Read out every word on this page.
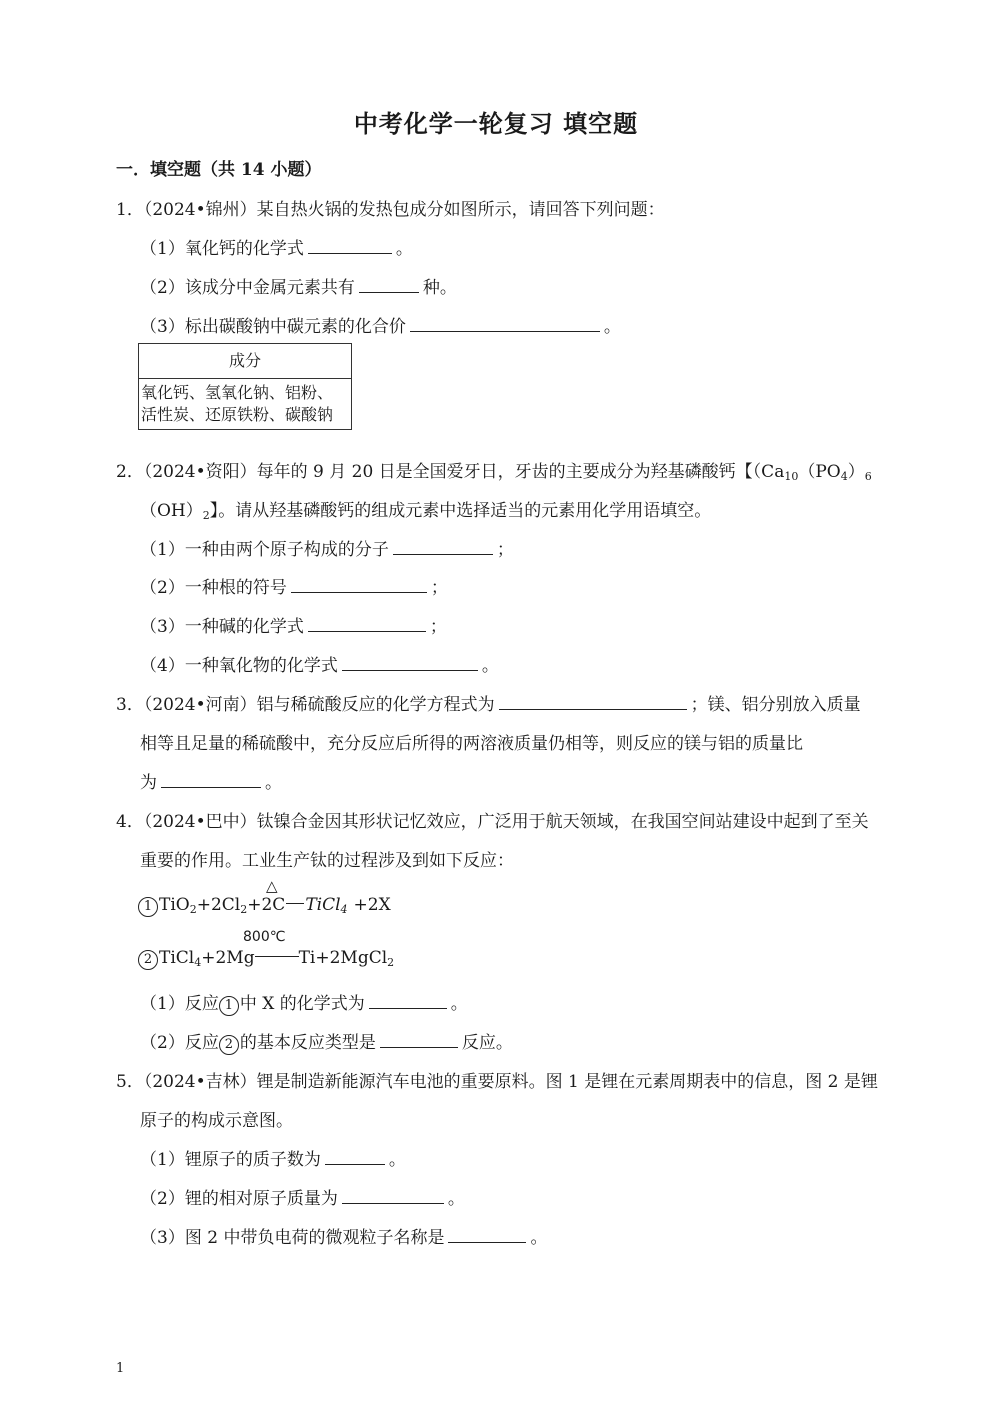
中考化学一轮复习 填空题
一．填空题（共 14 小题）
1．（2024•锦州）某自热火锅的发热包成分如图所示，请回答下列问题：
（1）氧化钙的化学式	。
（2）该成分中金属元素共有	种。
（3）标出碳酸钠中碳元素的化合价	。
成分

氧化钙、氢氧化钠、铝粉、
活性炭、还原铁粉、碳酸钠
2．（2024•资阳）每年的 9 月 20 日是全国爱牙日，牙齿的主要成分为羟基磷酸钙【（$Ca_{10}(PO_4)_6$
$(OH)_2$】。请从羟基磷酸钙的组成元素中选择适当的元素用化学用语填空。
（1）一种由两个原子构成的分子	；
（2）一种根的符号	；
（3）一种碱的化学式	；
（4）一种氧化物的化学式	。
3．（2024•河南）铝与稀硫酸反应的化学方程式为	；镁、铝分别放入质量
相等且足量的稀硫酸中，充分反应后所得的两溶液质量仍相等，则反应的镁与铝的质量比
为	。
4．（2024•巴中）钛镍合金因其形状记忆效应，广泛用于航天领域，在我国空间站建设中起到了至关
重要的作用。工业生产钛的过程涉及到如下反应：
1 $TiO_2+2Cl_2+2C$ TiCl$_4$ +2X
△
2 TiCl$_4$+2Mg	Ti+2MgCl$_2$
800℃
（1）反应 1 中 X 的化学式为	。
（2）反应 2 的基本反应类型是	反应。
5．（2024•吉林）锂是制造新能源汽车电池的重要原料。图 1 是锂在元素周期表中的信息，图 2 是锂
原子的构成示意图。
（1）锂原子的质子数为	。
（2）锂的相对原子质量为	。
（3）图 2 中带负电荷的微观粒子名称是	。
1
